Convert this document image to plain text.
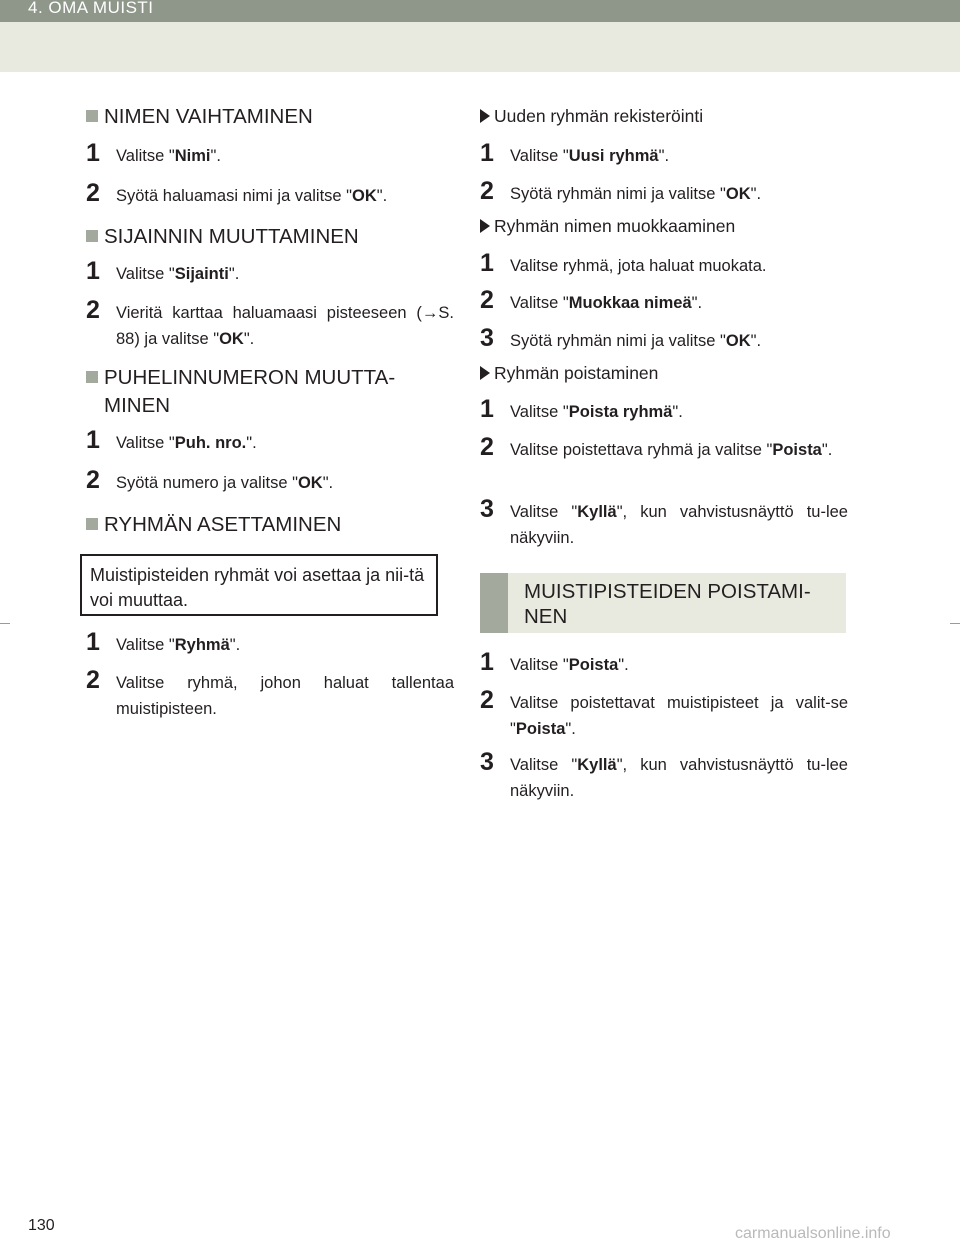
4. OMA MUISTI
NIMEN VAIHTAMINEN
1 Valitse "Nimi".
2 Syötä haluamasi nimi ja valitse "OK".
SIJAINNIN MUUTTAMINEN
1 Valitse "Sijainti".
2 Vieritä karttaa haluamaasi pisteeseen (→S. 88) ja valitse "OK".
PUHELINNUMERON MUUTTA-
MINEN
1 Valitse "Puh. nro.".
2 Syötä numero ja valitse "OK".
RYHMÄN ASETTAMINEN
Muistipisteiden ryhmät voi asettaa ja nii-tä voi muuttaa.
1 Valitse "Ryhmä".
2 Valitse ryhmä, johon haluat tallentaa muistipisteen.
Uuden ryhmän rekisteröinti
1 Valitse "Uusi ryhmä".
2 Syötä ryhmän nimi ja valitse "OK".
Ryhmän nimen muokkaaminen
1 Valitse ryhmä, jota haluat muokata.
2 Valitse "Muokkaa nimeä".
3 Syötä ryhmän nimi ja valitse "OK".
Ryhmän poistaminen
1 Valitse "Poista ryhmä".
2 Valitse poistettava ryhmä ja valitse "Poista".
3 Valitse "Kyllä", kun vahvistusnäyttö tu-lee näkyviin.
MUISTIPISTEIDEN POISTAMI-NEN
1 Valitse "Poista".
2 Valitse poistettavat muistipisteet ja valit-se "Poista".
3 Valitse "Kyllä", kun vahvistusnäyttö tu-lee näkyviin.
130	carmanualsonline.info
